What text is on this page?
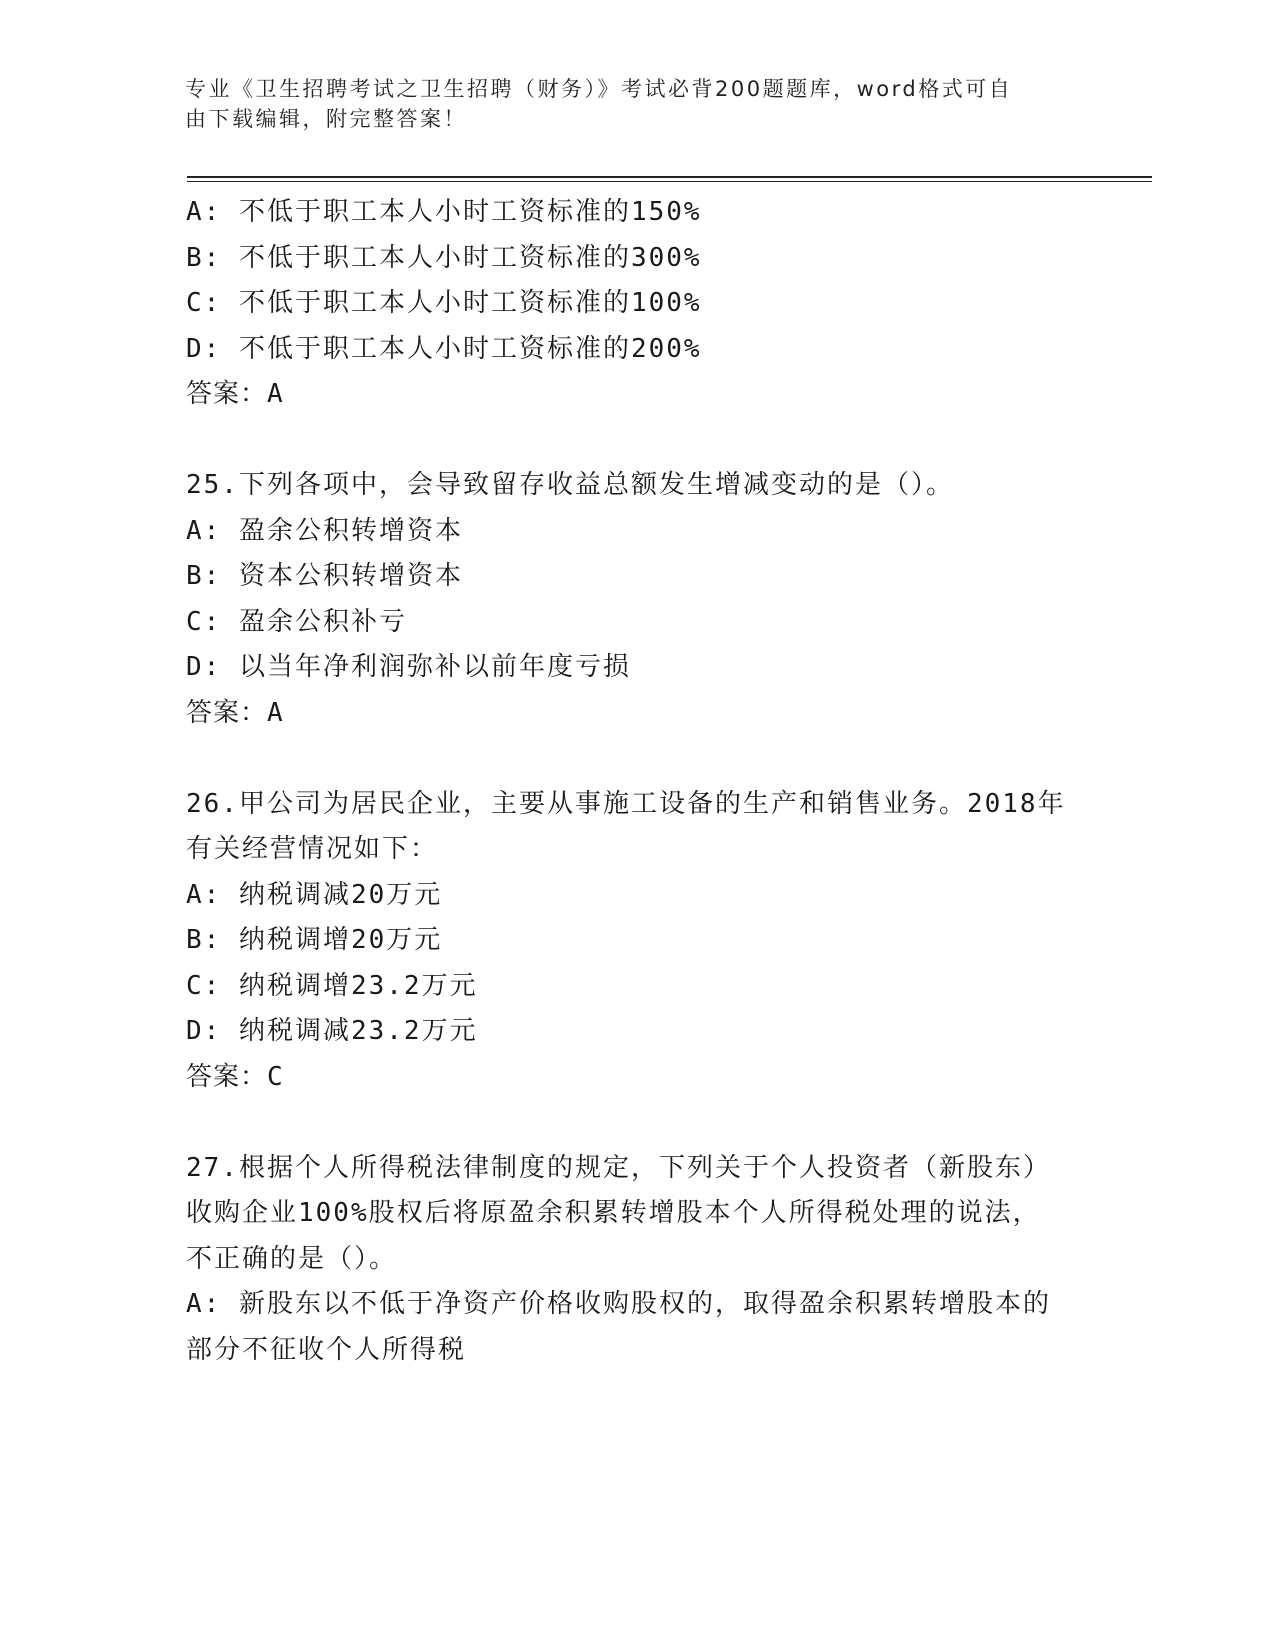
专业《卫生招聘考试之卫生招聘（财务）》考试必背200题题库，word格式可自
由下载编辑，附完整答案！
A: 不低于职工本人小时工资标准的150%
B: 不低于职工本人小时工资标准的300%
C: 不低于职工本人小时工资标准的100%
D: 不低于职工本人小时工资标准的200%
答案：A
25.下列各项中，会导致留存收益总额发生增减变动的是（）。
A: 盈余公积转增资本
B: 资本公积转增资本
C: 盈余公积补亏
D: 以当年净利润弥补以前年度亏损
答案：A
26.甲公司为居民企业，主要从事施工设备的生产和销售业务。2018年
有关经营情况如下：
A: 纳税调减20万元
B: 纳税调增20万元
C: 纳税调增23.2万元
D: 纳税调减23.2万元
答案：C
27.根据个人所得税法律制度的规定，下列关于个人投资者（新股东）
收购企业100%股权后将原盈余积累转增股本个人所得税处理的说法，
不正确的是（）。
A: 新股东以不低于净资产价格收购股权的，取得盈余积累转增股本的
部分不征收个人所得税
